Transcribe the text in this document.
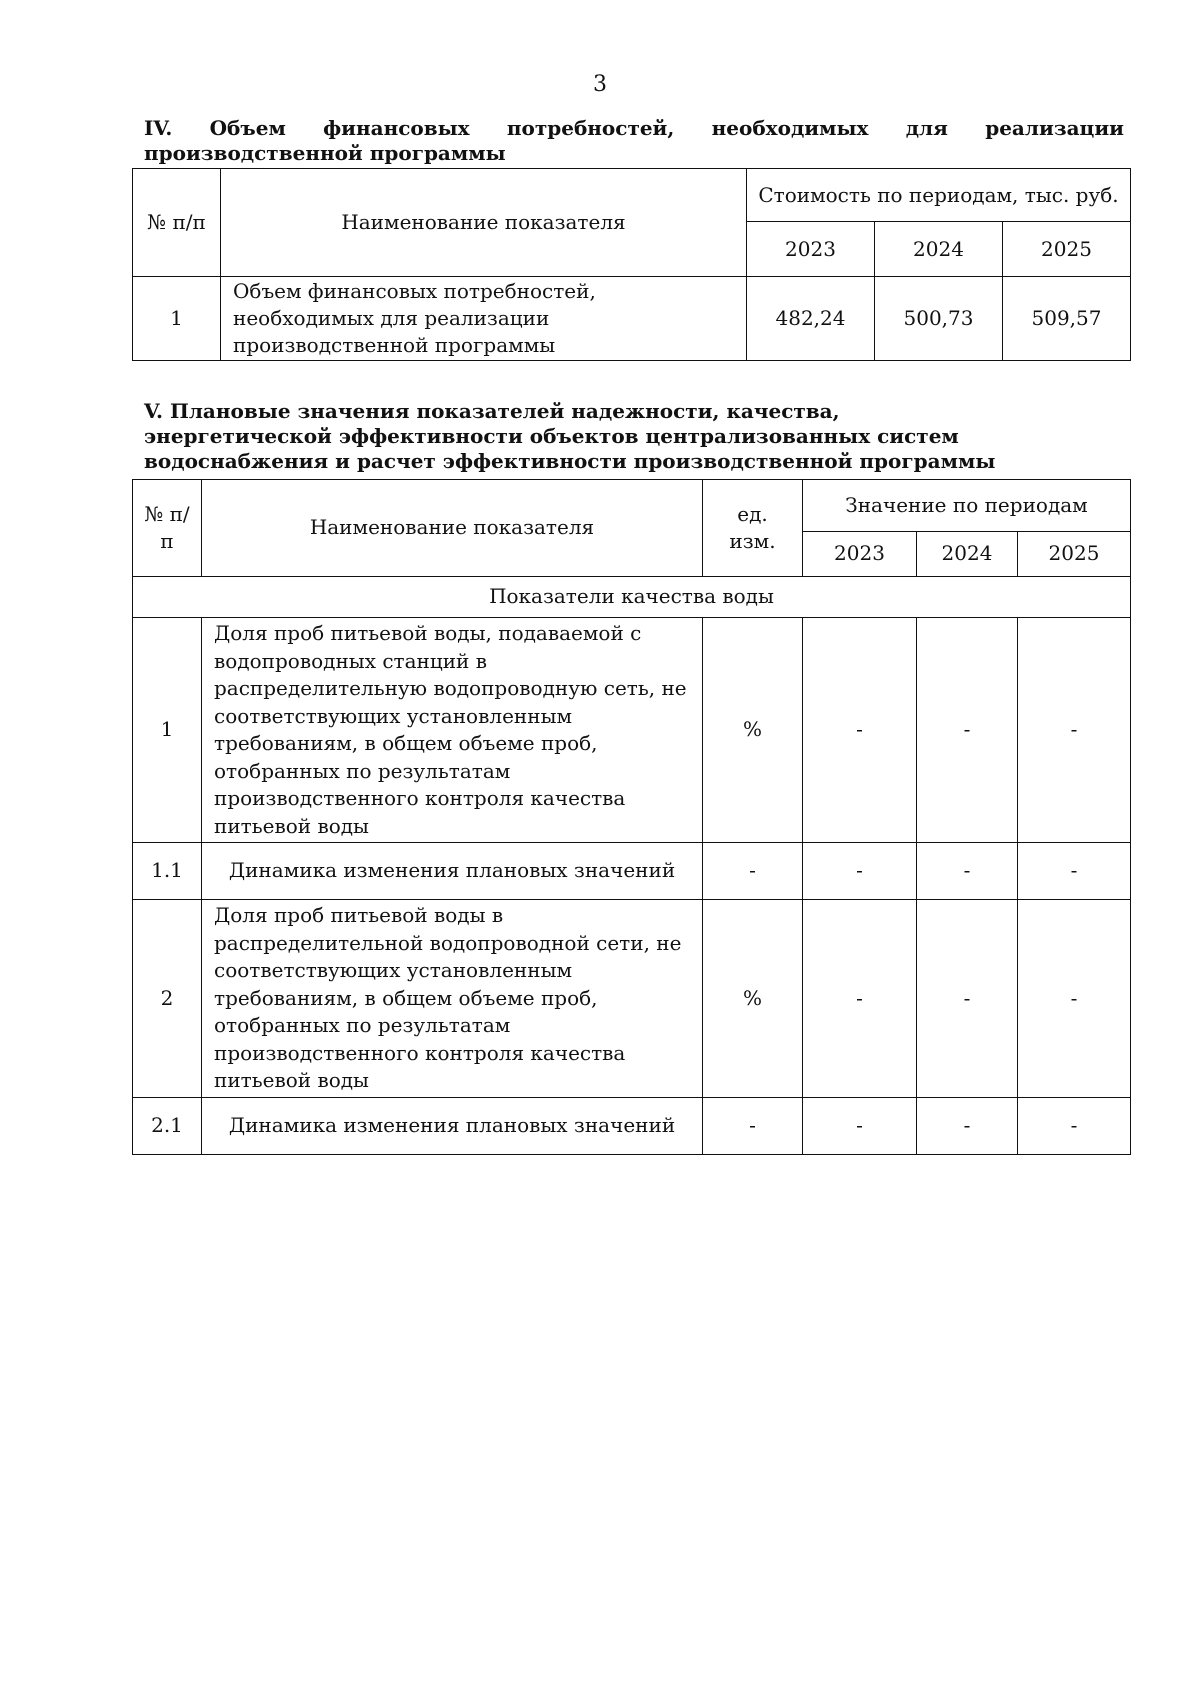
3
IV. Объем финансовых потребностей, необходимых для реализации производственной программы
№ п/п	Наименование показателя	Стоимость по периодам, тыс. руб.		
		2023	2024	2025
1	Объем финансовых потребностей, необходимых для реализации производственной программы	482,24	500,73	509,57
V. Плановые значения показателей надежности, качества, энергетической эффективности объектов централизованных систем водоснабжения и расчет эффективности производственной программы
№ п/п	Наименование показателя	ед. изм.	Значение по периодам		
			2023	2024	2025
Показатели качества воды					
1	Доля проб питьевой воды, подаваемой с водопроводных станций в распределительную водопроводную сеть, не соответствующих установленным требованиям, в общем объеме проб, отобранных по результатам производственного контроля качества питьевой воды	%	-	-	-
1.1	Динамика изменения плановых значений	-	-	-	-
2	Доля проб питьевой воды в распределительной водопроводной сети, не соответствующих установленным требованиям, в общем объеме проб, отобранных по результатам производственного контроля качества питьевой воды	%	-	-	-
2.1	Динамика изменения плановых значений	-	-	-	-
